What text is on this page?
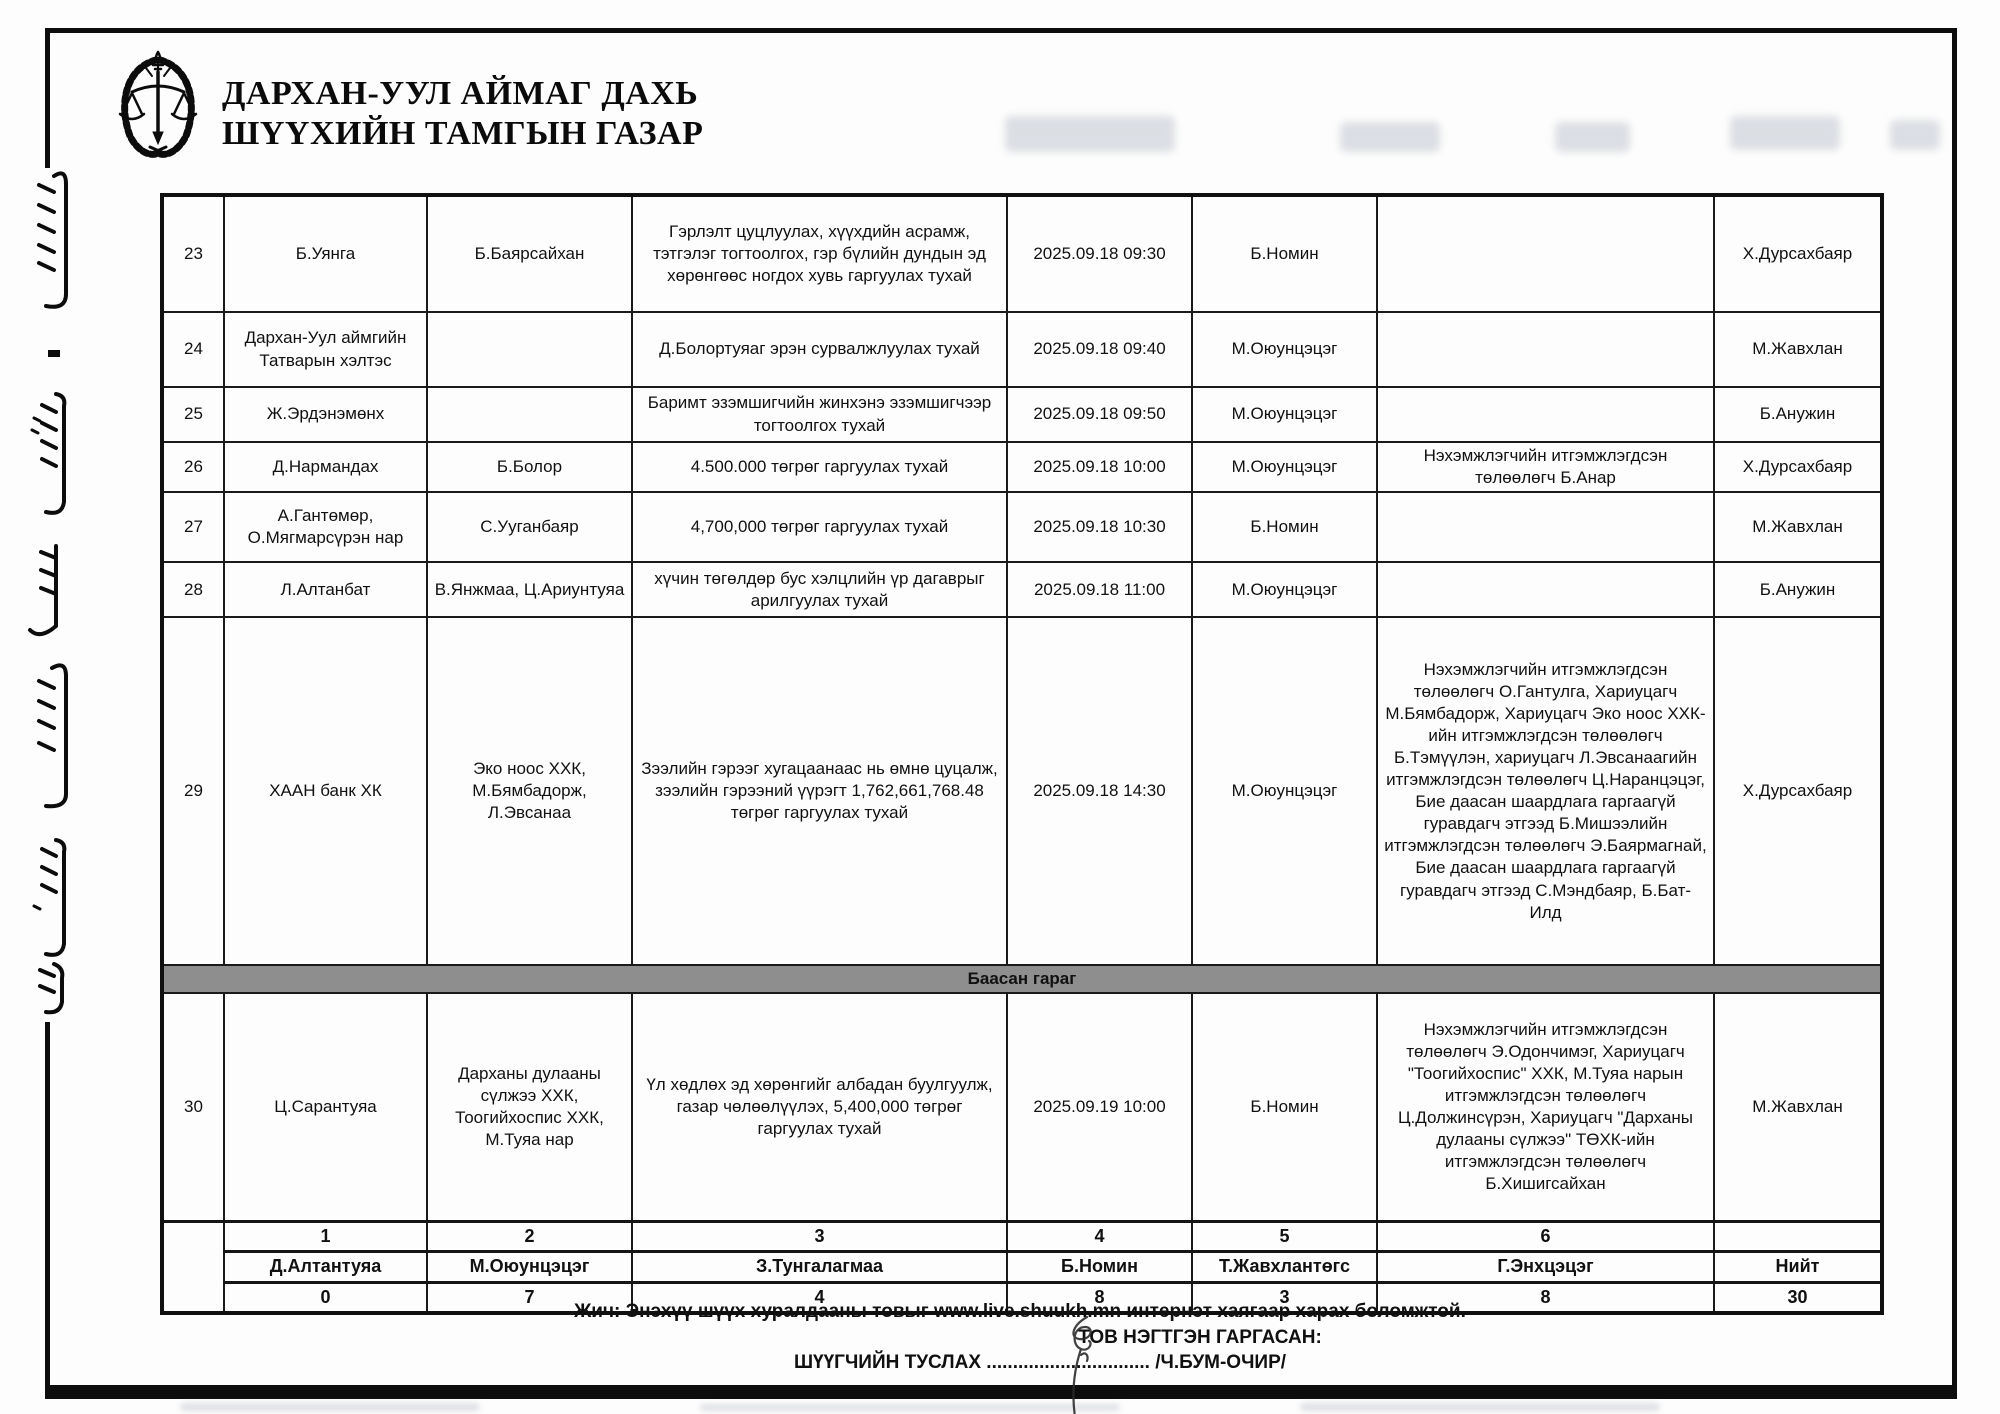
ДАРХАН-УУЛ АЙМАГ ДАХЬ
ШҮҮХИЙН ТАМГЫН ГАЗАР
23	Б.Уянга	Б.Баярсайхан	Гэрлэлт цуцлуулах, хүүхдийн асрамж, тэтгэлэг тогтоолгох, гэр бүлийн дундын эд хөрөнгөөс ногдох хувь гаргуулах тухай	2025.09.18 09:30	Б.Номин		Х.Дурсахбаяр
24	Дархан-Уул аймгийн Татварын хэлтэс		Д.Болортуяаг эрэн сурвалжлуулах тухай	2025.09.18 09:40	М.Оюунцэцэг		М.Жавхлан
25	Ж.Эрдэнэмөнх		Баримт эзэмшигчийн жинхэнэ эзэмшигчээр тогтоолгох тухай	2025.09.18 09:50	М.Оюунцэцэг		Б.Анужин
26	Д.Нармандах	Б.Болор	4.500.000 төгрөг гаргуулах тухай	2025.09.18 10:00	М.Оюунцэцэг	Нэхэмжлэгчийн итгэмжлэгдсэн төлөөлөгч Б.Анар	Х.Дурсахбаяр
27	А.Гантөмөр, О.Мягмарсүрэн нар	С.Ууганбаяр	4,700,000 төгрөг гаргуулах тухай	2025.09.18 10:30	Б.Номин		М.Жавхлан
28	Л.Алтанбат	В.Янжмаа, Ц.Ариунтуяа	хүчин төгөлдөр бус хэлцлийн үр дагаврыг арилгуулах тухай	2025.09.18 11:00	М.Оюунцэцэг		Б.Анужин
29	ХААН банк ХК	Эко ноос ХХК, М.Бямбадорж, Л.Эвсанаа	Зээлийн гэрээг хугацаанаас нь өмнө цуцалж, зээлийн гэрээний үүрэгт 1,762,661,768.48 төгрөг гаргуулах тухай	2025.09.18 14:30	М.Оюунцэцэг	Нэхэмжлэгчийн итгэмжлэгдсэн төлөөлөгч О.Гантулга, Хариуцагч М.Бямбадорж, Хариуцагч Эко ноос ХХК-ийн итгэмжлэгдсэн төлөөлөгч Б.Тэмүүлэн, хариуцагч Л.Эвсанаагийн итгэмжлэгдсэн төлөөлөгч Ц.Наранцэцэг, Бие даасан шаардлага гаргаагүй гуравдагч этгээд Б.Мишээлийн итгэмжлэгдсэн төлөөлөгч Э.Баярмагнай, Бие даасан шаардлага гаргаагүй гуравдагч этгээд С.Мэндбаяр, Б.Бат-Илд	Х.Дурсахбаяр
Баасан гараг							
30	Ц.Сарантуяа	Дарханы дулааны сүлжээ ХХК, Тоогийхоспис ХХК, М.Туяа нар	Үл хөдлөх эд хөрөнгийг албадан буулгуулж, газар чөлөөлүүлэх, 5,400,000 төгрөг гаргуулах тухай	2025.09.19 10:00	Б.Номин	Нэхэмжлэгчийн итгэмжлэгдсэн төлөөлөгч Э.Одончимэг, Хариуцагч "Тоогийхоспис" ХХК, М.Туяа нарын итгэмжлэгдсэн төлөөлөгч Ц.Должинсүрэн, Хариуцагч "Дарханы дулааны сүлжээ" ТӨХК-ийн итгэмжлэгдсэн төлөөлөгч Б.Хишигсайхан	М.Жавхлан
	1	2	3	4	5	6	
	Д.Алтантуяа	М.Оюунцэцэг	З.Тунгалагмаа	Б.Номин	Т.Жавхлантөгс	Г.Энхцэцэг	Нийт
	0	7	4	8	3	8	30
Жич: Энэхүү шүүх хуралдааны товыг www.live.shuukh.mn интернэт хаягаар харах боломжтой.
ТОВ НЭГТГЭН ГАРГАСАН:
ШҮҮГЧИЙН ТУСЛАХ ............................... /Ч.БУМ-ОЧИР/
